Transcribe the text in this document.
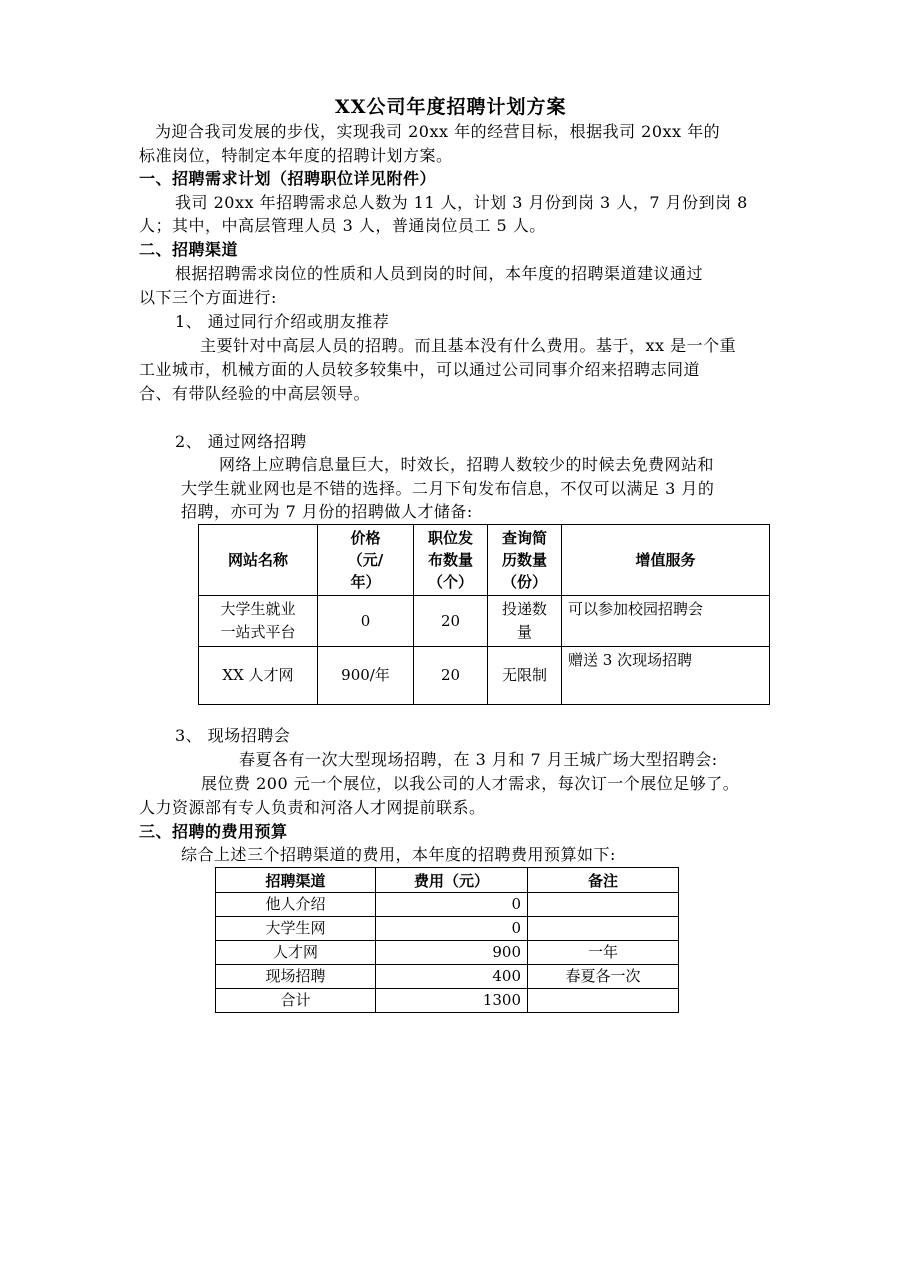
XX公司年度招聘计划方案
为迎合我司发展的步伐，实现我司 20xx 年的经营目标，根据我司 20xx 年的
标准岗位，特制定本年度的招聘计划方案。
一、招聘需求计划（招聘职位详见附件）
我司 20xx 年招聘需求总人数为 11 人，计划 3 月份到岗 3 人，7 月份到岗 8
人；其中，中高层管理人员 3 人，普通岗位员工 5 人。
二、招聘渠道
根据招聘需求岗位的性质和人员到岗的时间，本年度的招聘渠道建议通过
以下三个方面进行:
1、 通过同行介绍或朋友推荐
主要针对中高层人员的招聘。而且基本没有什么费用。基于，xx 是一个重
工业城市，机械方面的人员较多较集中，可以通过公司同事介绍来招聘志同道
合、有带队经验的中高层领导。
2、 通过网络招聘
网络上应聘信息量巨大，时效长，招聘人数较少的时候去免费网站和
大学生就业网也是不错的选择。二月下旬发布信息，不仅可以满足 3 月的
招聘，亦可为 7 月份的招聘做人才储备:
网站名称	价格
（元/
年）	职位发
布数量
（个）	查询简
历数量
（份）	增值服务
大学生就业
一站式平台	0	20	投递数
量	可以参加校园招聘会
XX 人才网	900/年	20	无限制	赠送 3 次现场招聘
3、 现场招聘会
春夏各有一次大型现场招聘，在 3 月和 7 月王城广场大型招聘会:
展位费 200 元一个展位，以我公司的人才需求，每次订一个展位足够了。
人力资源部有专人负责和河洛人才网提前联系。
三、招聘的费用预算
综合上述三个招聘渠道的费用，本年度的招聘费用预算如下:
招聘渠道	费用（元）	备注
他人介绍	0	
大学生网	0	
人才网	900	一年
现场招聘	400	春夏各一次
合计	1300	
